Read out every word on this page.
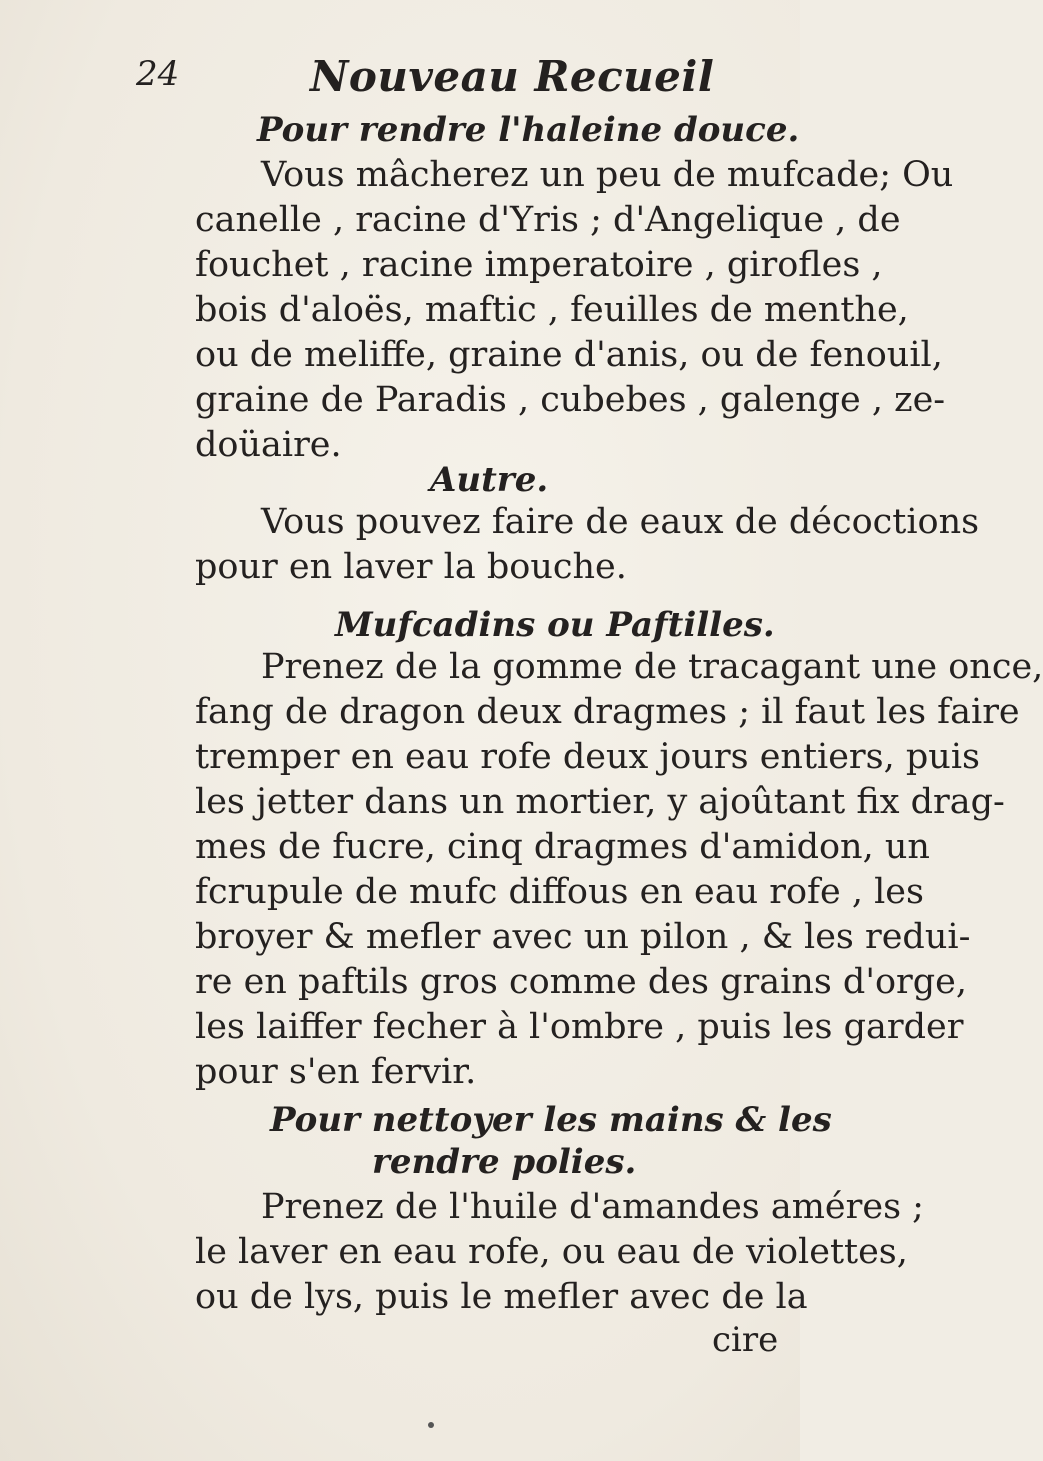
24	Nouveau Recueil
Pour rendre l'haleine douce.
Vous mâcherez un peu de mufcade; Ou
canelle , racine d'Yris ; d'Angelique , de
fouchet , racine imperatoire , girofles ,
bois d'aloës, maftic , feuilles de menthe,
ou de meliffe, graine d'anis, ou de fenouil,
graine de Paradis , cubebes , galenge , ze-
doüaire.
Autre.
Vous pouvez faire de eaux de décoctions
pour en laver la bouche.
Mufcadins ou Paftilles.
Prenez de la gomme de tracagant une once,
fang de dragon deux dragmes ; il faut les faire
tremper en eau rofe deux jours entiers, puis
les jetter dans un mortier, y ajoûtant fix drag-
mes de fucre, cinq dragmes d'amidon, un
fcrupule de mufc diffous en eau rofe , les
broyer & mefler avec un pilon , & les redui-
re en paftils gros comme des grains d'orge,
les laiffer fecher à l'ombre , puis les garder
pour s'en fervir.
Pour nettoyer les mains & les
rendre polies.
Prenez de l'huile d'amandes améres ;
le laver en eau rofe, ou eau de violettes,
ou de lys, puis le mefler avec de la
cire
